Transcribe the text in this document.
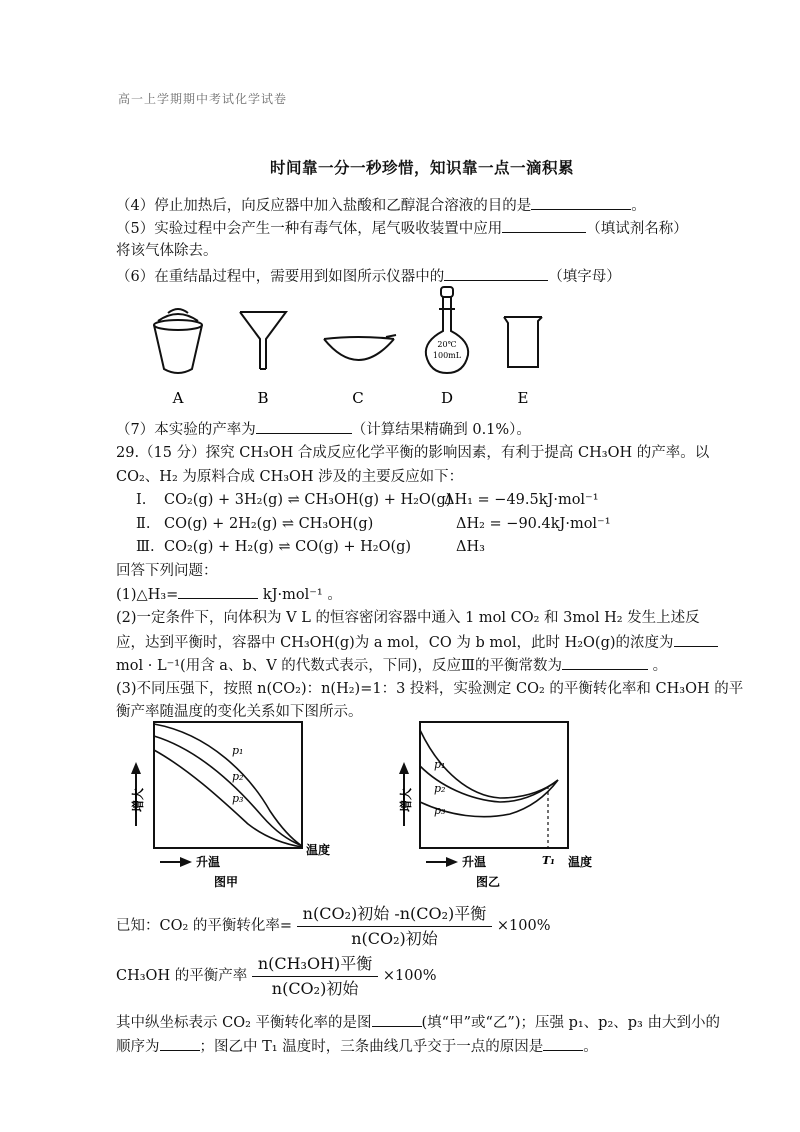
高一上学期期中考试化学试卷
时间靠一分一秒珍惜，知识靠一点一滴积累
（4）停止加热后，向反应器中加入盐酸和乙醇混合溶液的目的是	。
（5）实验过程中会产生一种有毒气体，尾气吸收装置中应用	（填试剂名称）
将该气体除去。
（6）在重结晶过程中，需要用到如图所示仪器中的	（填字母）
20℃
100mL
A	B	C	D	E
（7）本实验的产率为	（计算结果精确到 0.1%）。
29.（15 分）探究 CH₃OH 合成反应化学平衡的影响因素，有利于提高 CH₃OH 的产率。以
CO₂、H₂ 为原料合成 CH₃OH 涉及的主要反应如下：
Ⅰ. CO₂(g) + 3H₂(g) ⇌ CH₃OH(g) + H₂O(g)
ΔH₁ = −49.5kJ·mol⁻¹
Ⅱ. CO(g) + 2H₂(g) ⇌ CH₃OH(g)	ΔH₂ = −90.4kJ·mol⁻¹
Ⅲ. CO₂(g) + H₂(g) ⇌ CO(g) + H₂O(g)	ΔH₃
回答下列问题：
(1)△H₃=	kJ·mol⁻¹ 。
(2)一定条件下，向体积为 V L 的恒容密闭容器中通入 1 mol CO₂ 和 3mol H₂ 发生上述反
应，达到平衡时，容器中 CH₃OH(g)为 a mol，CO 为 b mol，此时 H₂O(g)的浓度为
mol · L⁻¹(用含 a、b、V 的代数式表示，下同)，反应Ⅲ的平衡常数为	。
(3)不同压强下，按照 n(CO₂)：n(H₂)=1：3 投料，实验测定 CO₂ 的平衡转化率和 CH₃OH 的平
衡产率随温度的变化关系如下图所示。
p₁
p₂
p₃
增大
升温
温度
图甲
p₁
p₂
p₃
增大
升温	T₁ 温度
图乙
已知：CO₂ 的平衡转化率= $\frac{\text{n(CO₂)初始 -n(CO₂)平衡}}{\text{n(CO₂)初始}} \times 100\%$
CH₃OH 的平衡产率 $\frac{\text{n(CH₃OH)平衡}}{\text{n(CO₂)初始}} \times 100\%$
其中纵坐标表示 CO₂ 平衡转化率的是图	(填“甲”或“乙”)；压强 p₁、p₂、p₃ 由大到小的
顺序为	；图乙中 T₁ 温度时，三条曲线几乎交于一点的原因是	。
